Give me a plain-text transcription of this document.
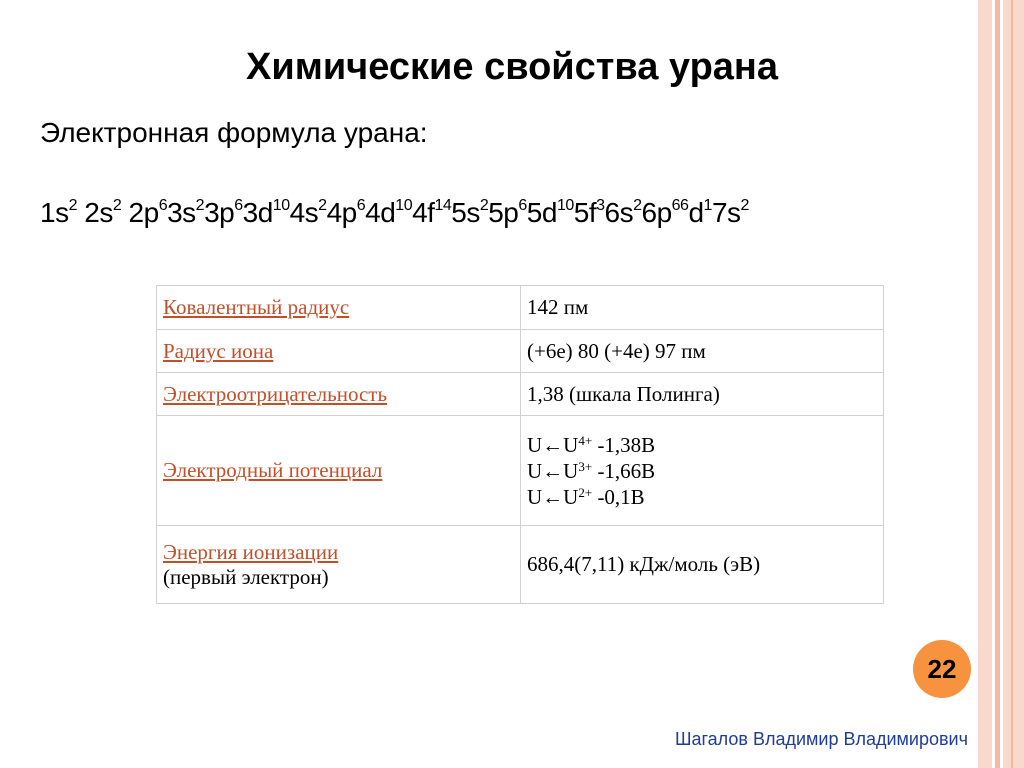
Химические свойства урана
Электронная формула урана:
$1s^2$ $2s^2$ $2p^63s^23p^63d^{10}4s^24p^64d^{10}4f^{14}5s^25p^65d^{10}5f^36s^26p^{66}d^17s^2$
Ковалентный радиус	142 пм
Радиус иона	(+6e) 80 (+4e) 97 пм
Электроотрицательность	1,38 (шкала Полинга)
Электродный потенциал	$U\leftarrow U^{4+}$ -1,38В
$U\leftarrow U^{3+}$ -1,66В
$U\leftarrow U^{2+}$ -0,1В

Энергия ионизации
(первый электрон)	686,4(7,11) кДж/моль (эВ)
22
Шагалов Владимир Владимирович
